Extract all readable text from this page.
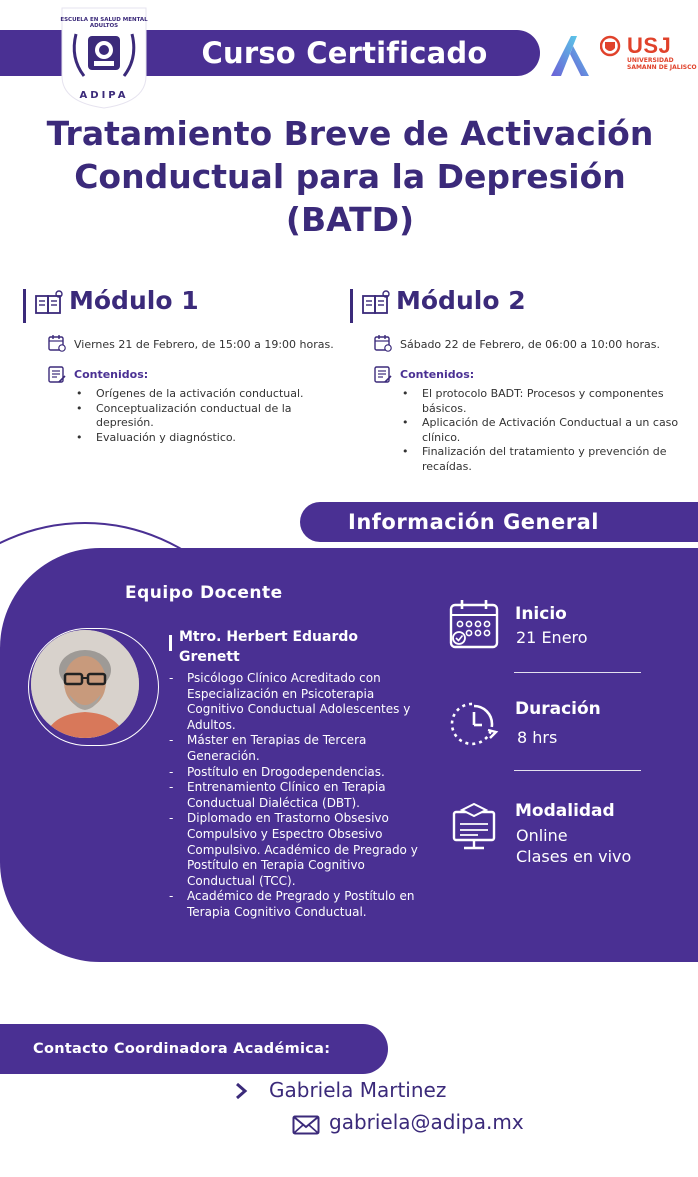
Curso Certificado
ESCUELA EN SALUD MENTAL
ADULTOS
ADIPA
USJ
UNIVERSIDAD SAMANN DE JALISCO
Tratamiento Breve de Activación Conductual para la Depresión (BATD)
Módulo 1
Viernes 21 de Febrero, de 15:00 a 19:00 horas.
Contenidos:
• Orígenes de la activación conductual.
• Conceptualización conductual de la depresión.
• Evaluación y diagnóstico.
Módulo 2
Sábado 22 de Febrero, de 06:00 a 10:00 horas.
Contenidos:
• El protocolo BADT: Procesos y componentes básicos.
• Aplicación de Activación Conductual a un caso clínico.
• Finalización del tratamiento y prevención de recaídas.
Información General
Equipo Docente
Mtro. Herbert Eduardo Grenett
- Psicólogo Clínico Acreditado con Especialización en Psicoterapia Cognitivo Conductual Adolescentes y Adultos.
- Máster en Terapias de Tercera Generación.
- Postítulo en Drogodependencias.
- Entrenamiento Clínico en Terapia Conductual Dialéctica (DBT).
- Diplomado en Trastorno Obsesivo Compulsivo y Espectro Obsesivo Compulsivo. Académico de Pregrado y Postítulo en Terapia Cognitivo Conductual (TCC).
- Académico de Pregrado y Postítulo en Terapia Cognitivo Conductual.
Inicio
21 Enero
Duración
8 hrs
Modalidad
Online
Clases en vivo
Contacto Coordinadora Académica:
Gabriela Martinez
gabriela@adipa.mx
